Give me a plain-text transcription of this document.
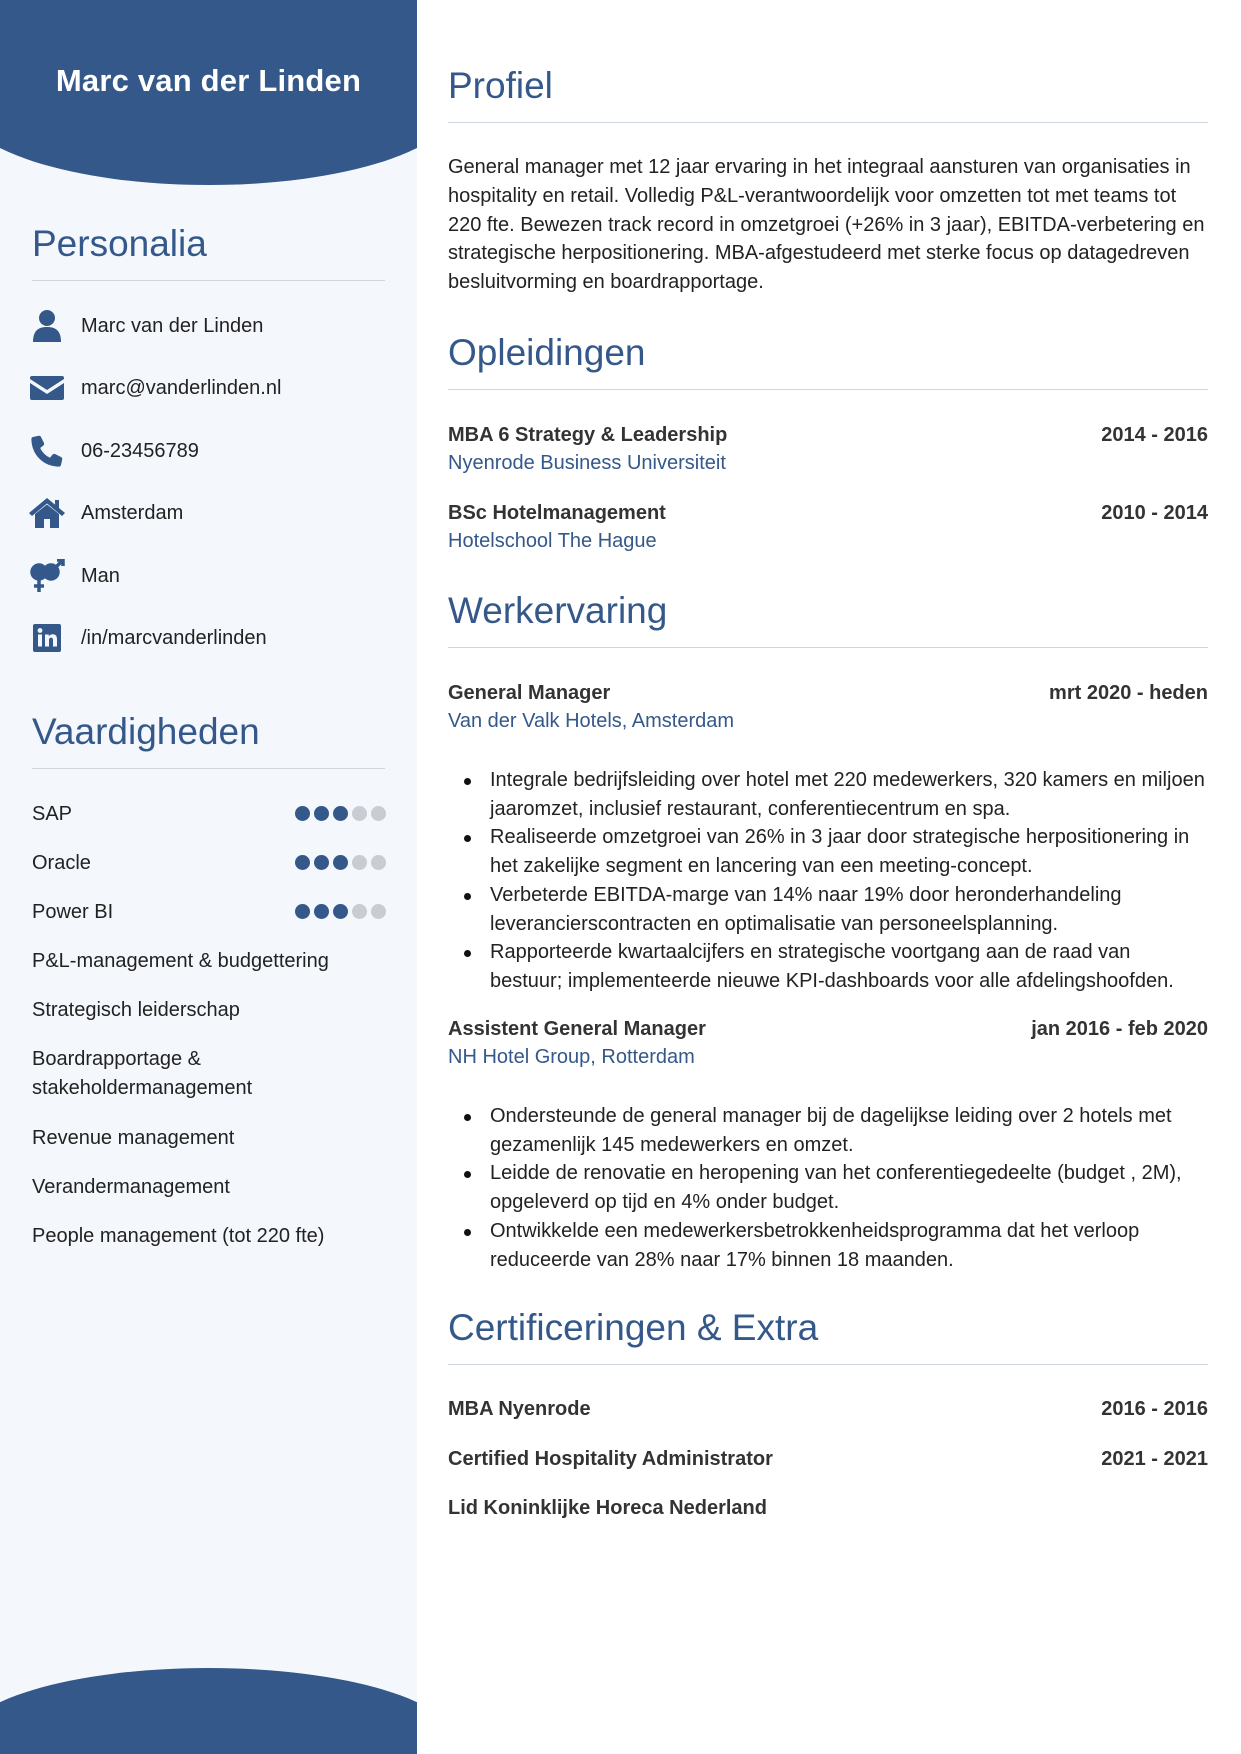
Marc van der Linden
Personalia
Marc van der Linden
marc@vanderlinden.nl
06-23456789
Amsterdam
Man
/in/marcvanderlinden
Vaardigheden
SAP
Oracle
Power BI
P&L-management & budgettering
Strategisch leiderschap
Boardrapportage & stakeholdermanagement
Revenue management
Verandermanagement
People management (tot 220 fte)
Profiel
General manager met 12 jaar ervaring in het integraal aansturen van organisaties in hospitality en retail. Volledig P&L-verantwoordelijk voor omzetten tot met teams tot 220 fte. Bewezen track record in omzetgroei (+26% in 3 jaar), EBITDA-verbetering en strategische herpositionering. MBA-afgestudeerd met sterke focus op datagedreven besluitvorming en boardrapportage.
Opleidingen
MBA 6 Strategy & Leadership	2014 - 2016
Nyenrode Business Universiteit
BSc Hotelmanagement	2010 - 2014
Hotelschool The Hague
Werkervaring
General Manager	mrt 2020 - heden
Van der Valk Hotels, Amsterdam
Integrale bedrijfsleiding over hotel met 220 medewerkers, 320 kamers en miljoen jaaromzet, inclusief restaurant, conferentiecentrum en spa.
Realiseerde omzetgroei van 26% in 3 jaar door strategische herpositionering in het zakelijke segment en lancering van een meeting-concept.
Verbeterde EBITDA-marge van 14% naar 19% door heronderhandeling leverancierscontracten en optimalisatie van personeelsplanning.
Rapporteerde kwartaalcijfers en strategische voortgang aan de raad van bestuur; implementeerde nieuwe KPI-dashboards voor alle afdelingshoofden.
Assistent General Manager	jan 2016 - feb 2020
NH Hotel Group, Rotterdam
Ondersteunde de general manager bij de dagelijkse leiding over 2 hotels met gezamenlijk 145 medewerkers en omzet.
Leidde de renovatie en heropening van het conferentiegedeelte (budget , 2M), opgeleverd op tijd en 4% onder budget.
Ontwikkelde een medewerkersbetrokkenheidsprogramma dat het verloop reduceerde van 28% naar 17% binnen 18 maanden.
Certificeringen & Extra
MBA Nyenrode	2016 - 2016
Certified Hospitality Administrator	2021 - 2021
Lid Koninklijke Horeca Nederland
